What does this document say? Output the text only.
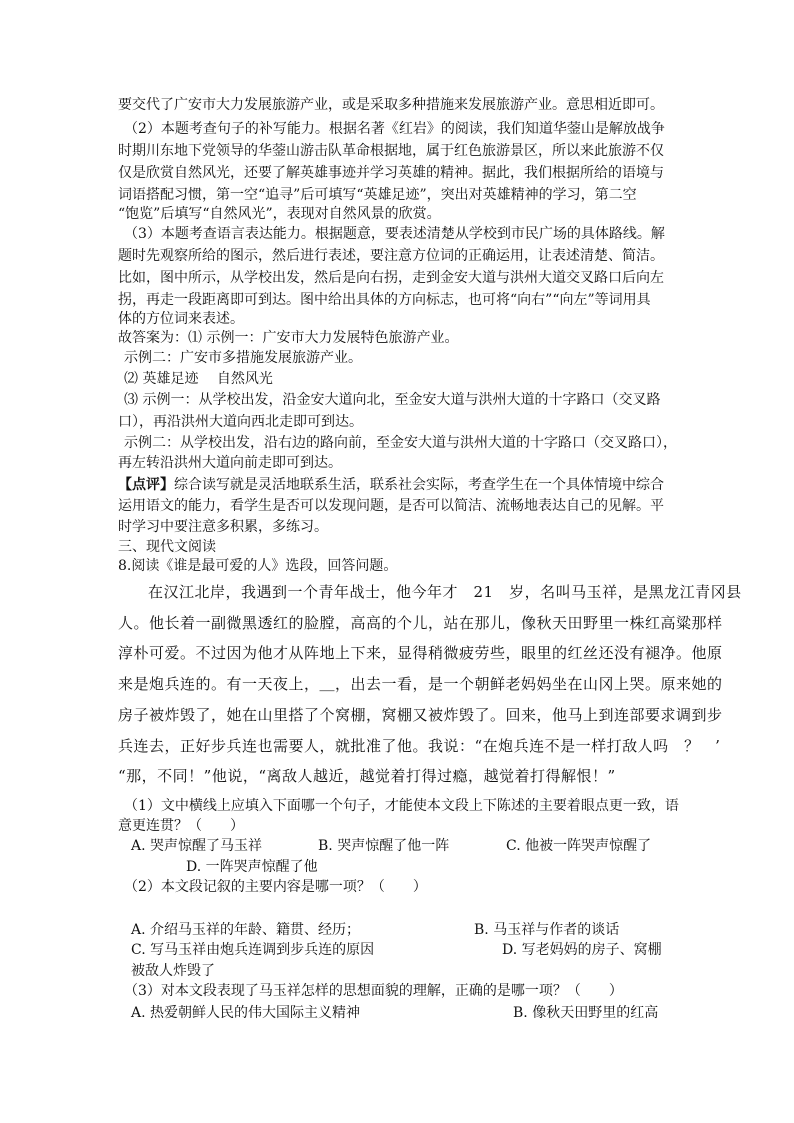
要交代了广安市大力发展旅游产业，或是采取多种措施来发展旅游产业。意思相近即可。
（2）本题考查句子的补写能力。根据名著《红岩》的阅读，我们知道华蓥山是解放战争
时期川东地下党领导的华蓥山游击队革命根据地，属于红色旅游景区，所以来此旅游不仅
仅是欣赏自然风光，还要了解英雄事迹并学习英雄的精神。据此，我们根据所给的语境与
词语搭配习惯，第一空“追寻”后可填写“英雄足迹”，突出对英雄精神的学习，第二空
“饱览”后填写“自然风光”，表现对自然风景的欣赏。
（3）本题考查语言表达能力。根据题意，要表述清楚从学校到市民广场的具体路线。解
题时先观察所给的图示，然后进行表述，要注意方位词的正确运用，让表述清楚、简洁。
比如，图中所示，从学校出发，然后是向右拐，走到金安大道与洪州大道交叉路口后向左
拐，再走一段距离即可到达。图中给出具体的方向标志，也可将“向右”“向左”等词用具
体的方位词来表述。
故答案为：⑴ 示例一：广安市大力发展特色旅游产业。
示例二：广安市多措施发展旅游产业。
⑵ 英雄足迹　 自然风光
⑶ 示例一：从学校出发，沿金安大道向北，至金安大道与洪州大道的十字路口（交叉路
口），再沿洪州大道向西北走即可到达。
示例二：从学校出发，沿右边的路向前，至金安大道与洪州大道的十字路口（交叉路口），
再左转沿洪州大道向前走即可到达。
【点评】综合读写就是灵活地联系生活，联系社会实际，考查学生在一个具体情境中综合
运用语文的能力，看学生是否可以发现问题，是否可以简洁、流畅地表达自己的见解。平
时学习中要注意多积累，多练习。
三、现代文阅读
8.阅读《谁是最可爱的人》选段，回答问题。
在汉江北岸，我遇到一个青年战士，他今年才　21　岁，名叫马玉祥，是黑龙江青冈县
人。他长着一副微黑透红的脸膛，高高的个儿，站在那儿，像秋天田野里一株红高粱那样
淳朴可爱。不过因为他才从阵地上下来，显得稍微疲劳些，眼里的红丝还没有褪净。他原
来是炮兵连的。有一天夜上，＿，出去一看，是一个朝鲜老妈妈坐在山冈上哭。原来她的
房子被炸毁了，她在山里搭了个窝棚，窝棚又被炸毁了。回来，他马上到连部要求调到步
兵连去，正好步兵连也需要人，就批准了他。我说：“在炮兵连不是一样打敌人吗　？　’
“那，不同！”他说，“离敌人越近，越觉着打得过瘾，越觉着打得解恨！”
（1）文中横线上应填入下面哪一个句子，才能使本文段上下陈述的主要着眼点更一致，语
意更连贯？（　　）
A. 哭声惊醒了马玉祥	B. 哭声惊醒了他一阵	C. 他被一阵哭声惊醒了
D. 一阵哭声惊醒了他
（2）本文段记叙的主要内容是哪一项？（　　）
A. 介绍马玉祥的年龄、籍贯、经历；	B. 马玉祥与作者的谈话
C. 写马玉祥由炮兵连调到步兵连的原因	D. 写老妈妈的房子、窝棚
被敌人炸毁了
（3）对本文段表现了马玉祥怎样的思想面貌的理解，正确的是哪一项？（　　）
A. 热爱朝鲜人民的伟大国际主义精神	B. 像秋天田野里的红高
